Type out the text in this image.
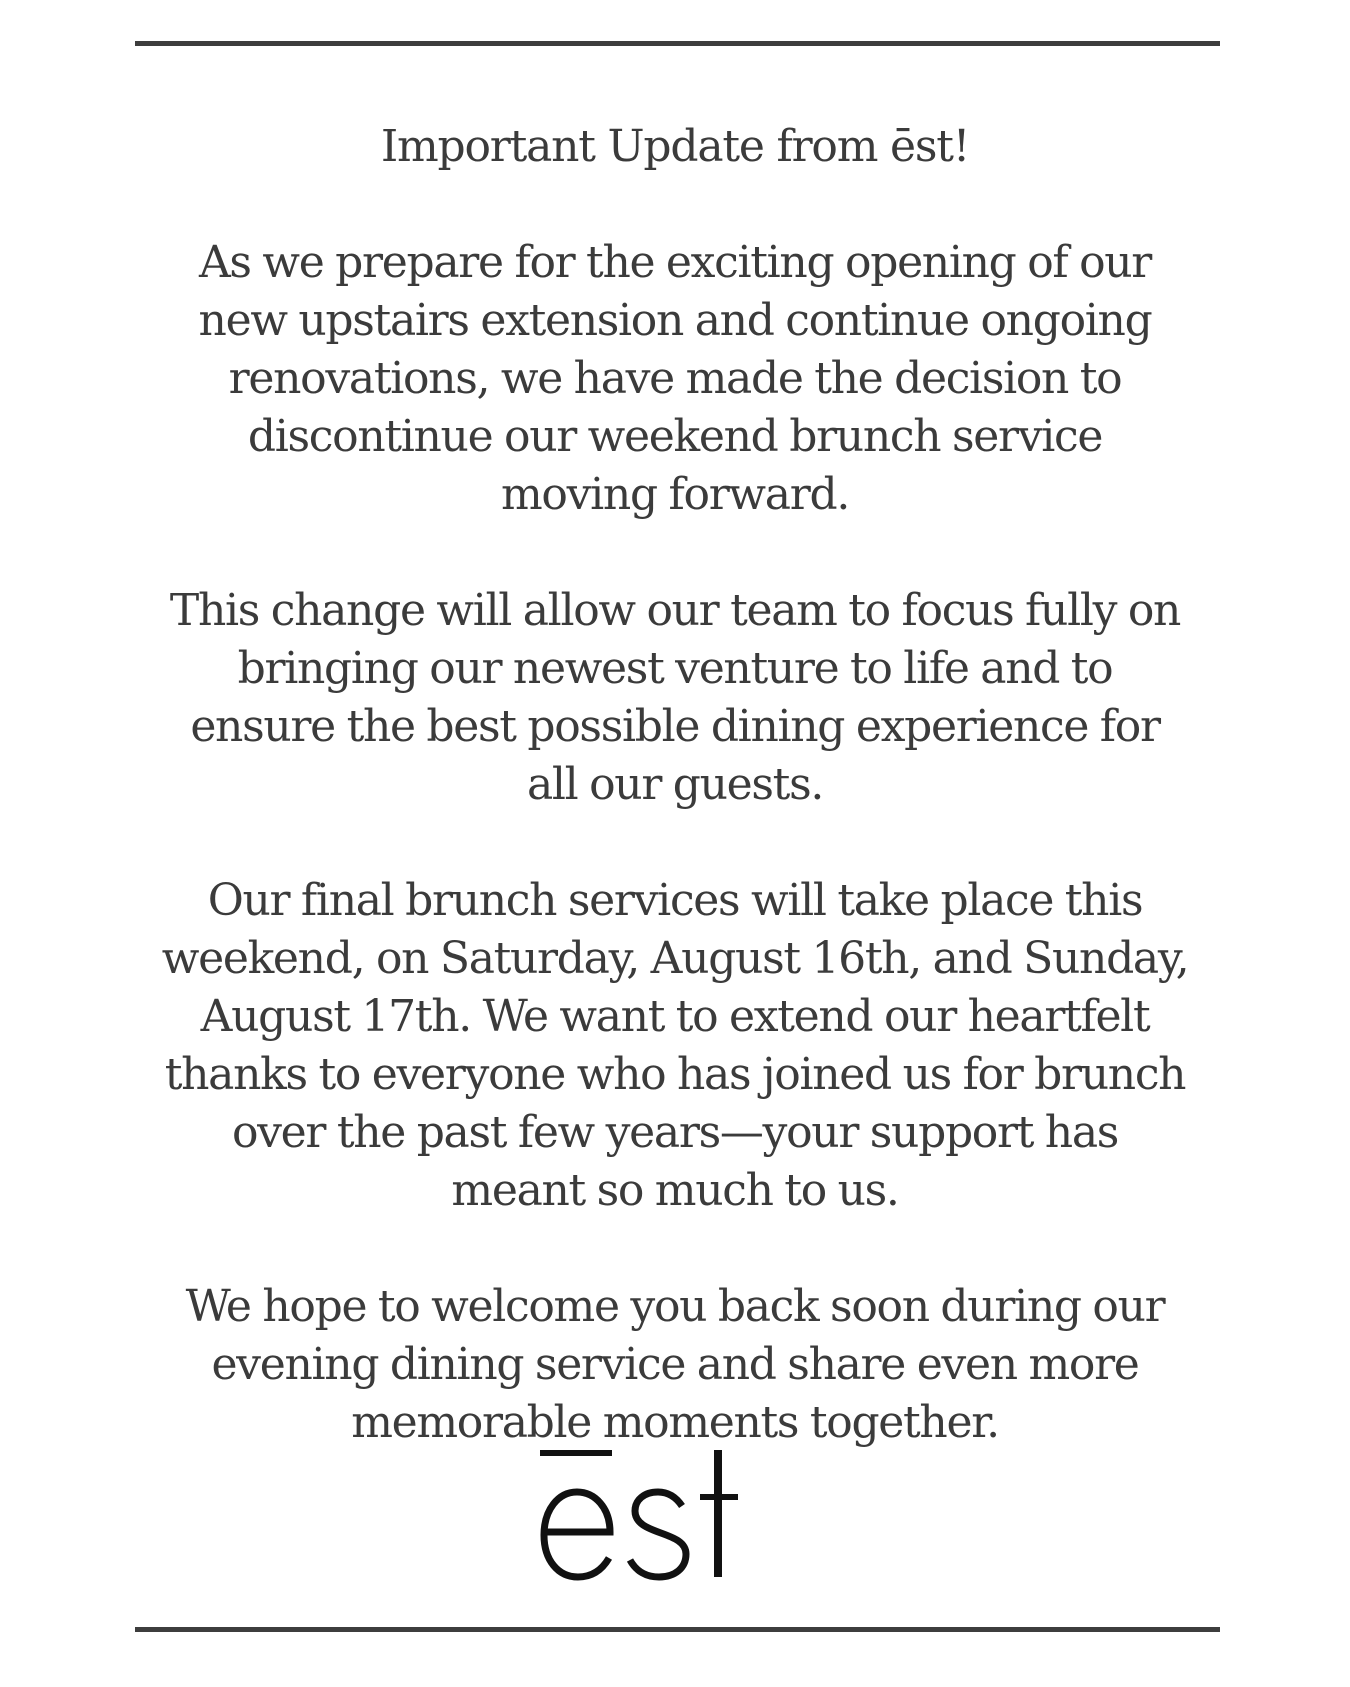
Important Update from ēst!

As we prepare for the exciting opening of our new upstairs extension and continue ongoing renovations, we have made the decision to discontinue our weekend brunch service moving forward.

This change will allow our team to focus fully on bringing our newest venture to life and to ensure the best possible dining experience for all our guests.

Our final brunch services will take place this weekend, on Saturday, August 16th, and Sunday, August 17th. We want to extend our heartfelt thanks to everyone who has joined us for brunch over the past few years—your support has meant so much to us.

We hope to welcome you back soon during our evening dining service and share even more memorable moments together.
